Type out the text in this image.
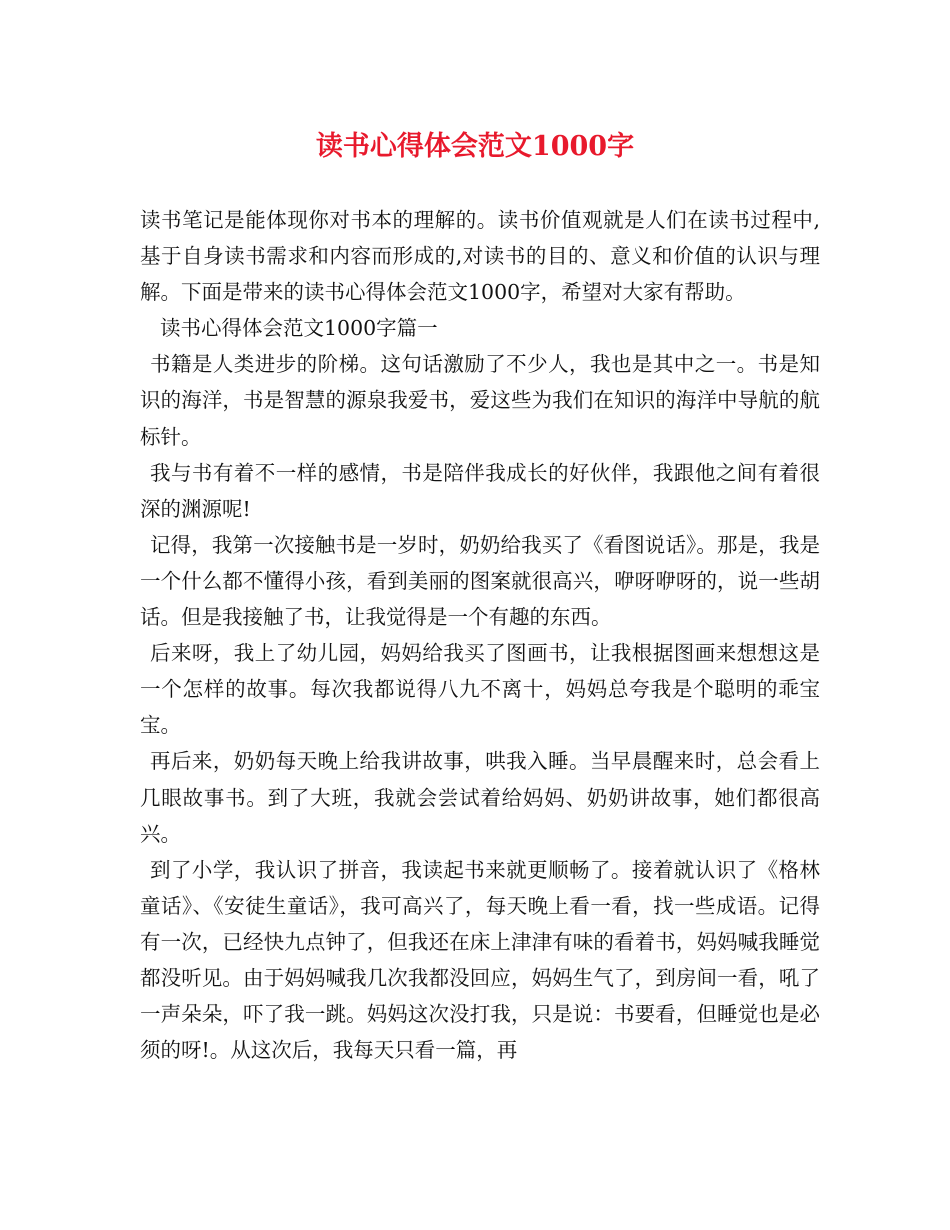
读书心得体会范文1000字

读书笔记是能体现你对书本的理解的。读书价值观就是人们在读书过程中,基于自身读书需求和内容而形成的,对读书的目的、意义和价值的认识与理解。下面是带来的读书心得体会范文1000字，希望对大家有帮助。

读书心得体会范文1000字篇一

书籍是人类进步的阶梯。这句话激励了不少人，我也是其中之一。书是知识的海洋，书是智慧的源泉我爱书，爱这些为我们在知识的海洋中导航的航标针。

我与书有着不一样的感情，书是陪伴我成长的好伙伴，我跟他之间有着很深的渊源呢!

记得，我第一次接触书是一岁时，奶奶给我买了《看图说话》。那是，我是一个什么都不懂得小孩，看到美丽的图案就很高兴，咿呀咿呀的，说一些胡话。但是我接触了书，让我觉得是一个有趣的东西。

后来呀，我上了幼儿园，妈妈给我买了图画书，让我根据图画来想想这是一个怎样的故事。每次我都说得八九不离十，妈妈总夸我是个聪明的乖宝宝。

再后来，奶奶每天晚上给我讲故事，哄我入睡。当早晨醒来时，总会看上几眼故事书。到了大班，我就会尝试着给妈妈、奶奶讲故事，她们都很高兴。

到了小学，我认识了拼音，我读起书来就更顺畅了。接着就认识了《格林童话》、《安徒生童话》，我可高兴了，每天晚上看一看，找一些成语。记得有一次，已经快九点钟了，但我还在床上津津有味的看着书，妈妈喊我睡觉都没听见。由于妈妈喊我几次我都没回应，妈妈生气了，到房间一看，吼了一声朵朵，吓了我一跳。妈妈这次没打我，只是说：书要看，但睡觉也是必须的呀!。从这次后，我每天只看一篇，再
